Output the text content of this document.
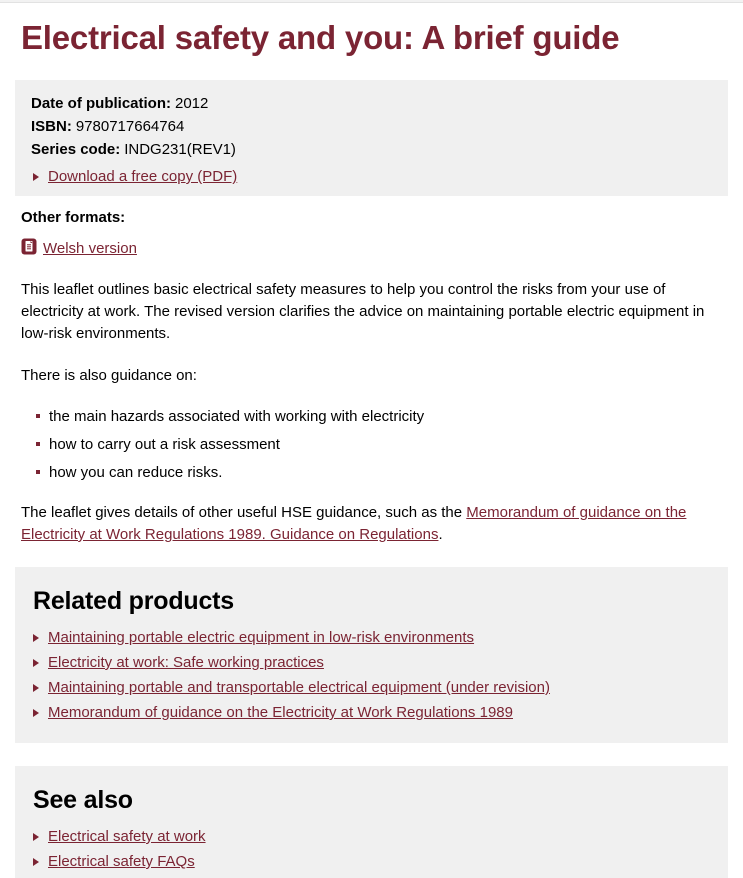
Electrical safety and you: A brief guide
Date of publication: 2012
ISBN: 9780717664764
Series code: INDG231(REV1)
Download a free copy (PDF)
Other formats:
Welsh version

This leaflet outlines basic electrical safety measures to help you control the risks from your use of electricity at work. The revised version clarifies the advice on maintaining portable electric equipment in low-risk environments.

There is also guidance on:

the main hazards associated with working with electricity
how to carry out a risk assessment
how you can reduce risks.

The leaflet gives details of other useful HSE guidance, such as the Memorandum of guidance on the Electricity at Work Regulations 1989. Guidance on Regulations.

Related products
Maintaining portable electric equipment in low-risk environments
Electricity at work: Safe working practices
Maintaining portable and transportable electrical equipment (under revision)
Memorandum of guidance on the Electricity at Work Regulations 1989
See also
Electrical safety at work
Electrical safety FAQs
